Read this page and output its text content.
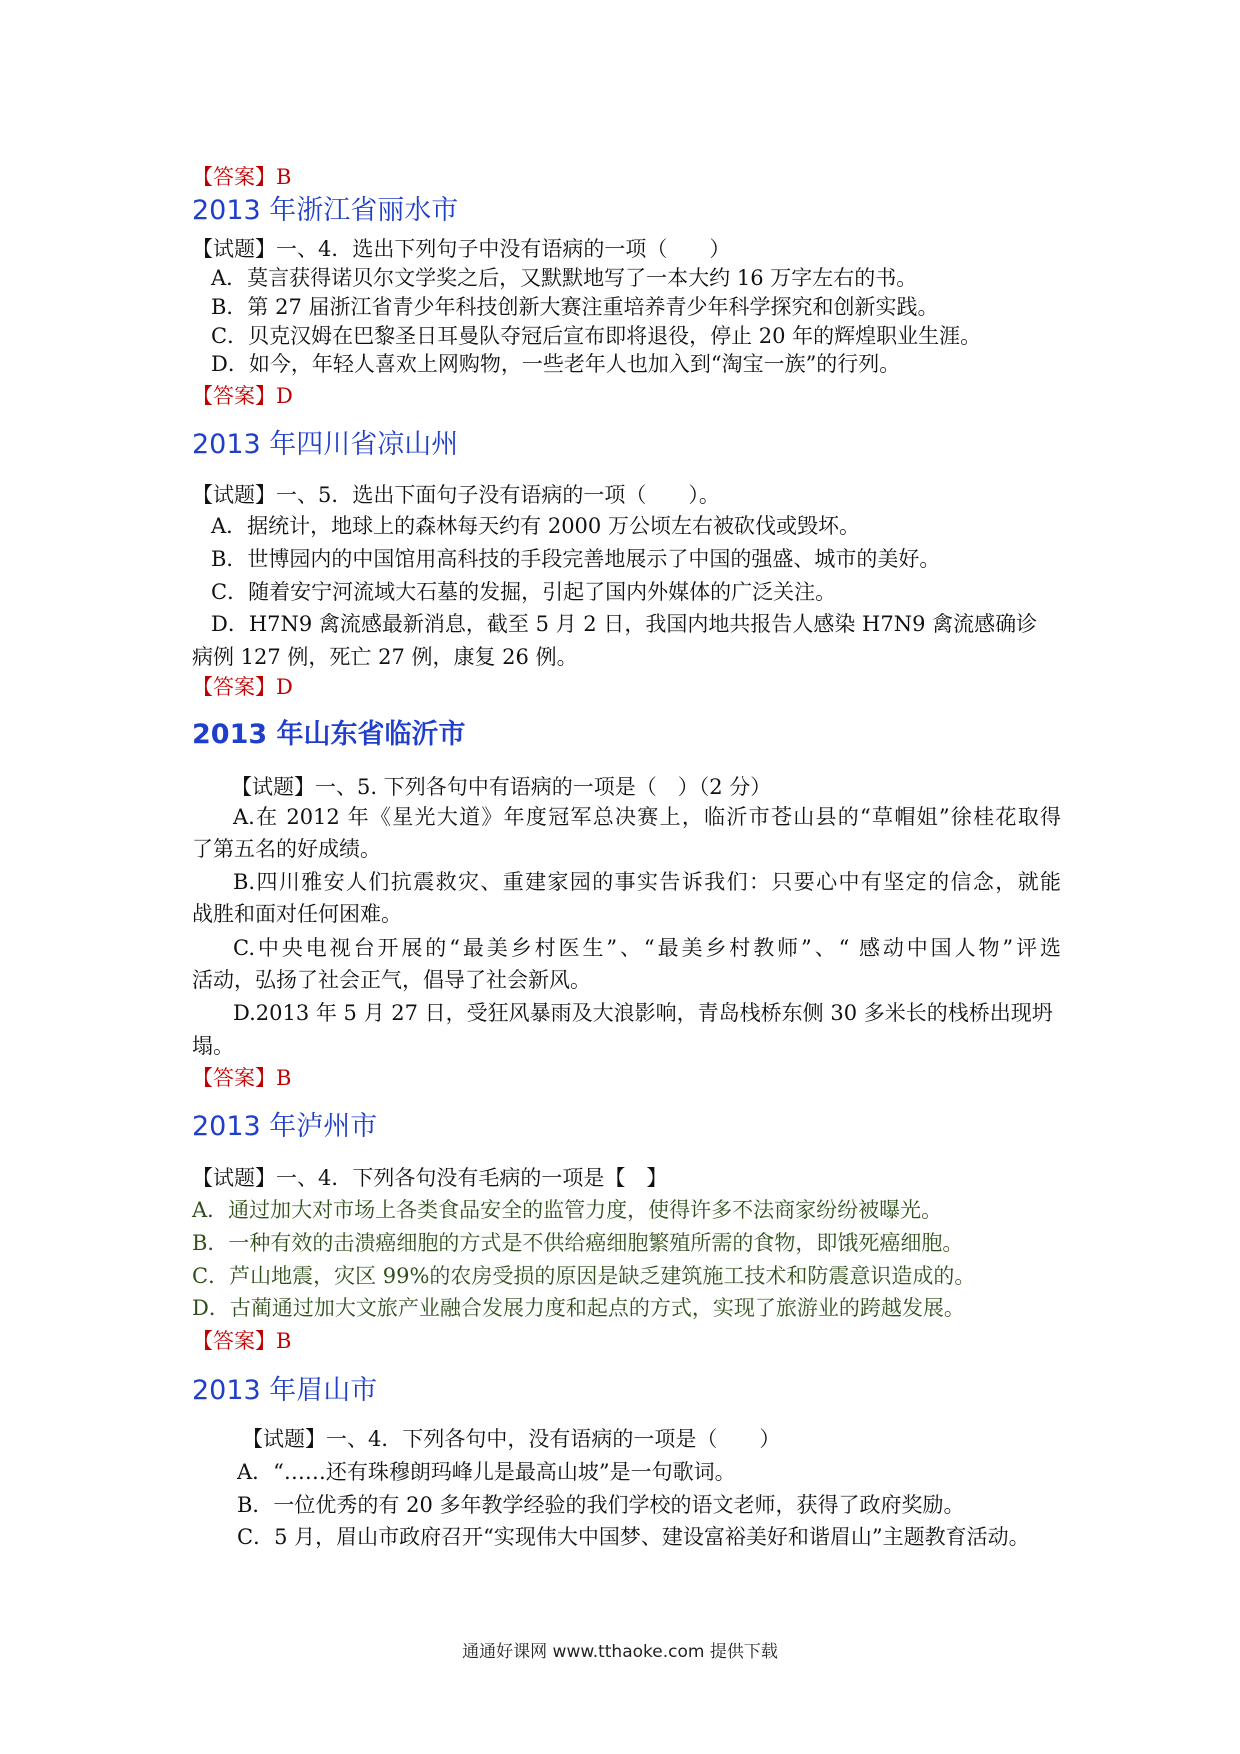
【答案】B
2013 年浙江省丽水市
【试题】一、4．选出下列句子中没有语病的一项（　　）
A．莫言获得诺贝尔文学奖之后，又默默地写了一本大约 16 万字左右的书。
B．第 27 届浙江省青少年科技创新大赛注重培养青少年科学探究和创新实践。
C．贝克汉姆在巴黎圣日耳曼队夺冠后宣布即将退役，停止 20 年的辉煌职业生涯。
D．如今，年轻人喜欢上网购物，一些老年人也加入到“淘宝一族”的行列。
【答案】D
2013 年四川省凉山州
【试题】一、5．选出下面句子没有语病的一项（　　）。
A．据统计，地球上的森林每天约有 2000 万公顷左右被砍伐或毁坏。
B．世博园内的中国馆用高科技的手段完善地展示了中国的强盛、城市的美好。
C．随着安宁河流域大石墓的发掘，引起了国内外媒体的广泛关注。
D．H7N9 禽流感最新消息，截至 5 月 2 日，我国内地共报告人感染 H7N9 禽流感确诊
病例 127 例，死亡 27 例，康复 26 例。
【答案】D
2013 年山东省临沂市
【试题】一、5. 下列各句中有语病的一项是（　）（2 分）
A.在 2012 年《星光大道》年度冠军总决赛上，临沂市苍山县的“草帽姐”徐桂花取得
了第五名的好成绩。
B.四川雅安人们抗震救灾、重建家园的事实告诉我们：只要心中有坚定的信念，就能
战胜和面对任何困难。
C.中央电视台开展的“最美乡村医生”、“最美乡村教师”、“ 感动中国人物”评选
活动，弘扬了社会正气，倡导了社会新风。
D.2013 年 5 月 27 日，受狂风暴雨及大浪影响，青岛栈桥东侧 30 多米长的栈桥出现坍
塌。
【答案】B
2013 年泸州市
【试题】一、4．下列各句没有毛病的一项是【　】
A．通过加大对市场上各类食品安全的监管力度，使得许多不法商家纷纷被曝光。
B．一种有效的击溃癌细胞的方式是不供给癌细胞繁殖所需的食物，即饿死癌细胞。
C．芦山地震，灾区 99%的农房受损的原因是缺乏建筑施工技术和防震意识造成的。
D．古蔺通过加大文旅产业融合发展力度和起点的方式，实现了旅游业的跨越发展。
【答案】B
2013 年眉山市
【试题】一、4．下列各句中，没有语病的一项是（　　）
A．“……还有珠穆朗玛峰儿是最高山坡”是一句歌词。
B．一位优秀的有 20 多年教学经验的我们学校的语文老师，获得了政府奖励。
C．5 月，眉山市政府召开“实现伟大中国梦、建设富裕美好和谐眉山”主题教育活动。
通通好课网 www.tthaoke.com 提供下载
